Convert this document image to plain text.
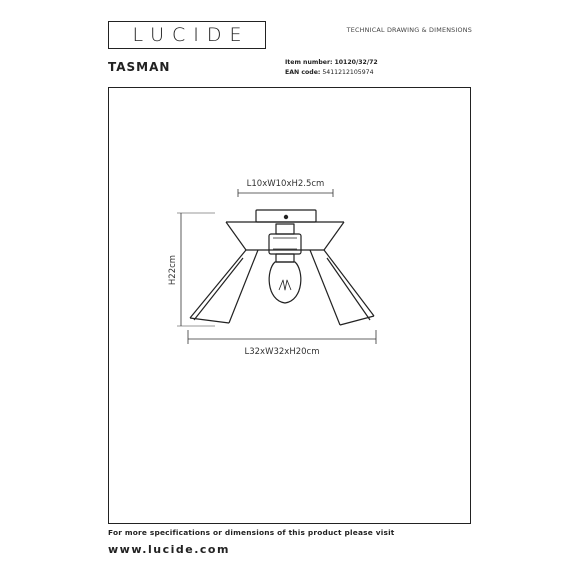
LUCIDE	TECHNICAL DRAWING & DIMENSIONS
TASMAN	Item number: 10120/32/72
EAN code: 5411212105974
L10xW10xH2.5cm
H22cm
L32xW32xH20cm
For more specifications or dimensions of this product please visit
www.lucide.com
